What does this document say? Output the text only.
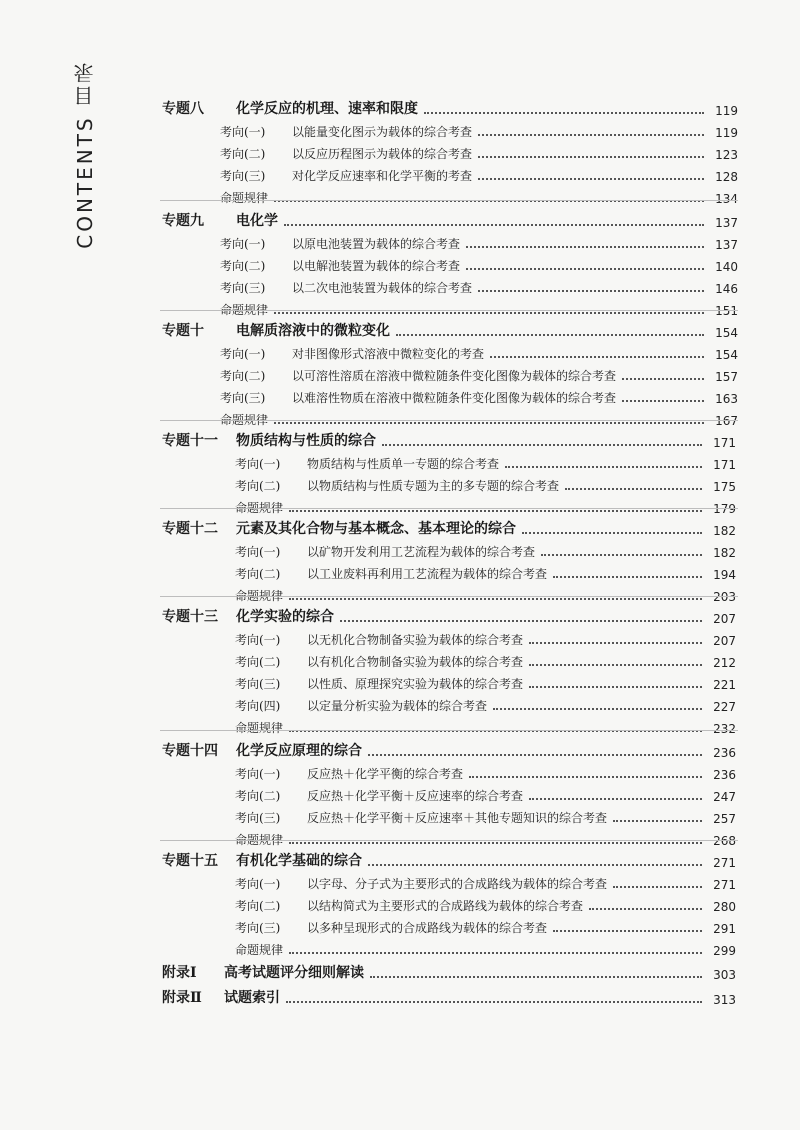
CONTENTS 目录	专题八	化学反应的机理、速率和限度	119
考向(一)	以能量变化图示为载体的综合考查	119
考向(二)	以反应历程图示为载体的综合考查	123
考向(三)	对化学反应速率和化学平衡的考查	128
命题规律	134
专题九	电化学	137
考向(一)	以原电池装置为载体的综合考查	137
考向(二)	以电解池装置为载体的综合考查	140
考向(三)	以二次电池装置为载体的综合考查	146
命题规律	151
专题十	电解质溶液中的微粒变化	154
考向(一)	对非图像形式溶液中微粒变化的考查	154
考向(二)	以可溶性溶质在溶液中微粒随条件变化图像为载体的综合考查	157
考向(三)	以难溶性物质在溶液中微粒随条件变化图像为载体的综合考查	163
命题规律	167
专题十一	物质结构与性质的综合	171
考向(一)	物质结构与性质单一专题的综合考查	171
考向(二)	以物质结构与性质专题为主的多专题的综合考查	175
命题规律	179
专题十二	元素及其化合物与基本概念、基本理论的综合	182
考向(一)	以矿物开发利用工艺流程为载体的综合考查	182
考向(二)	以工业废料再利用工艺流程为载体的综合考查	194
命题规律	203
专题十三	化学实验的综合	207
考向(一)	以无机化合物制备实验为载体的综合考查	207
考向(二)	以有机化合物制备实验为载体的综合考查	212
考向(三)	以性质、原理探究实验为载体的综合考查	221
考向(四)	以定量分析实验为载体的综合考查	227
命题规律	232
专题十四	化学反应原理的综合	236
考向(一)	反应热＋化学平衡的综合考查	236
考向(二)	反应热＋化学平衡＋反应速率的综合考查	247
考向(三)	反应热＋化学平衡＋反应速率＋其他专题知识的综合考查	257
命题规律	268
专题十五	有机化学基础的综合	271
考向(一)	以字母、分子式为主要形式的合成路线为载体的综合考查	271
考向(二)	以结构简式为主要形式的合成路线为载体的综合考查	280
考向(三)	以多种呈现形式的合成路线为载体的综合考查	291
命题规律	299
附录Ⅰ	高考试题评分细则解读	303
附录Ⅱ	试题索引	313
